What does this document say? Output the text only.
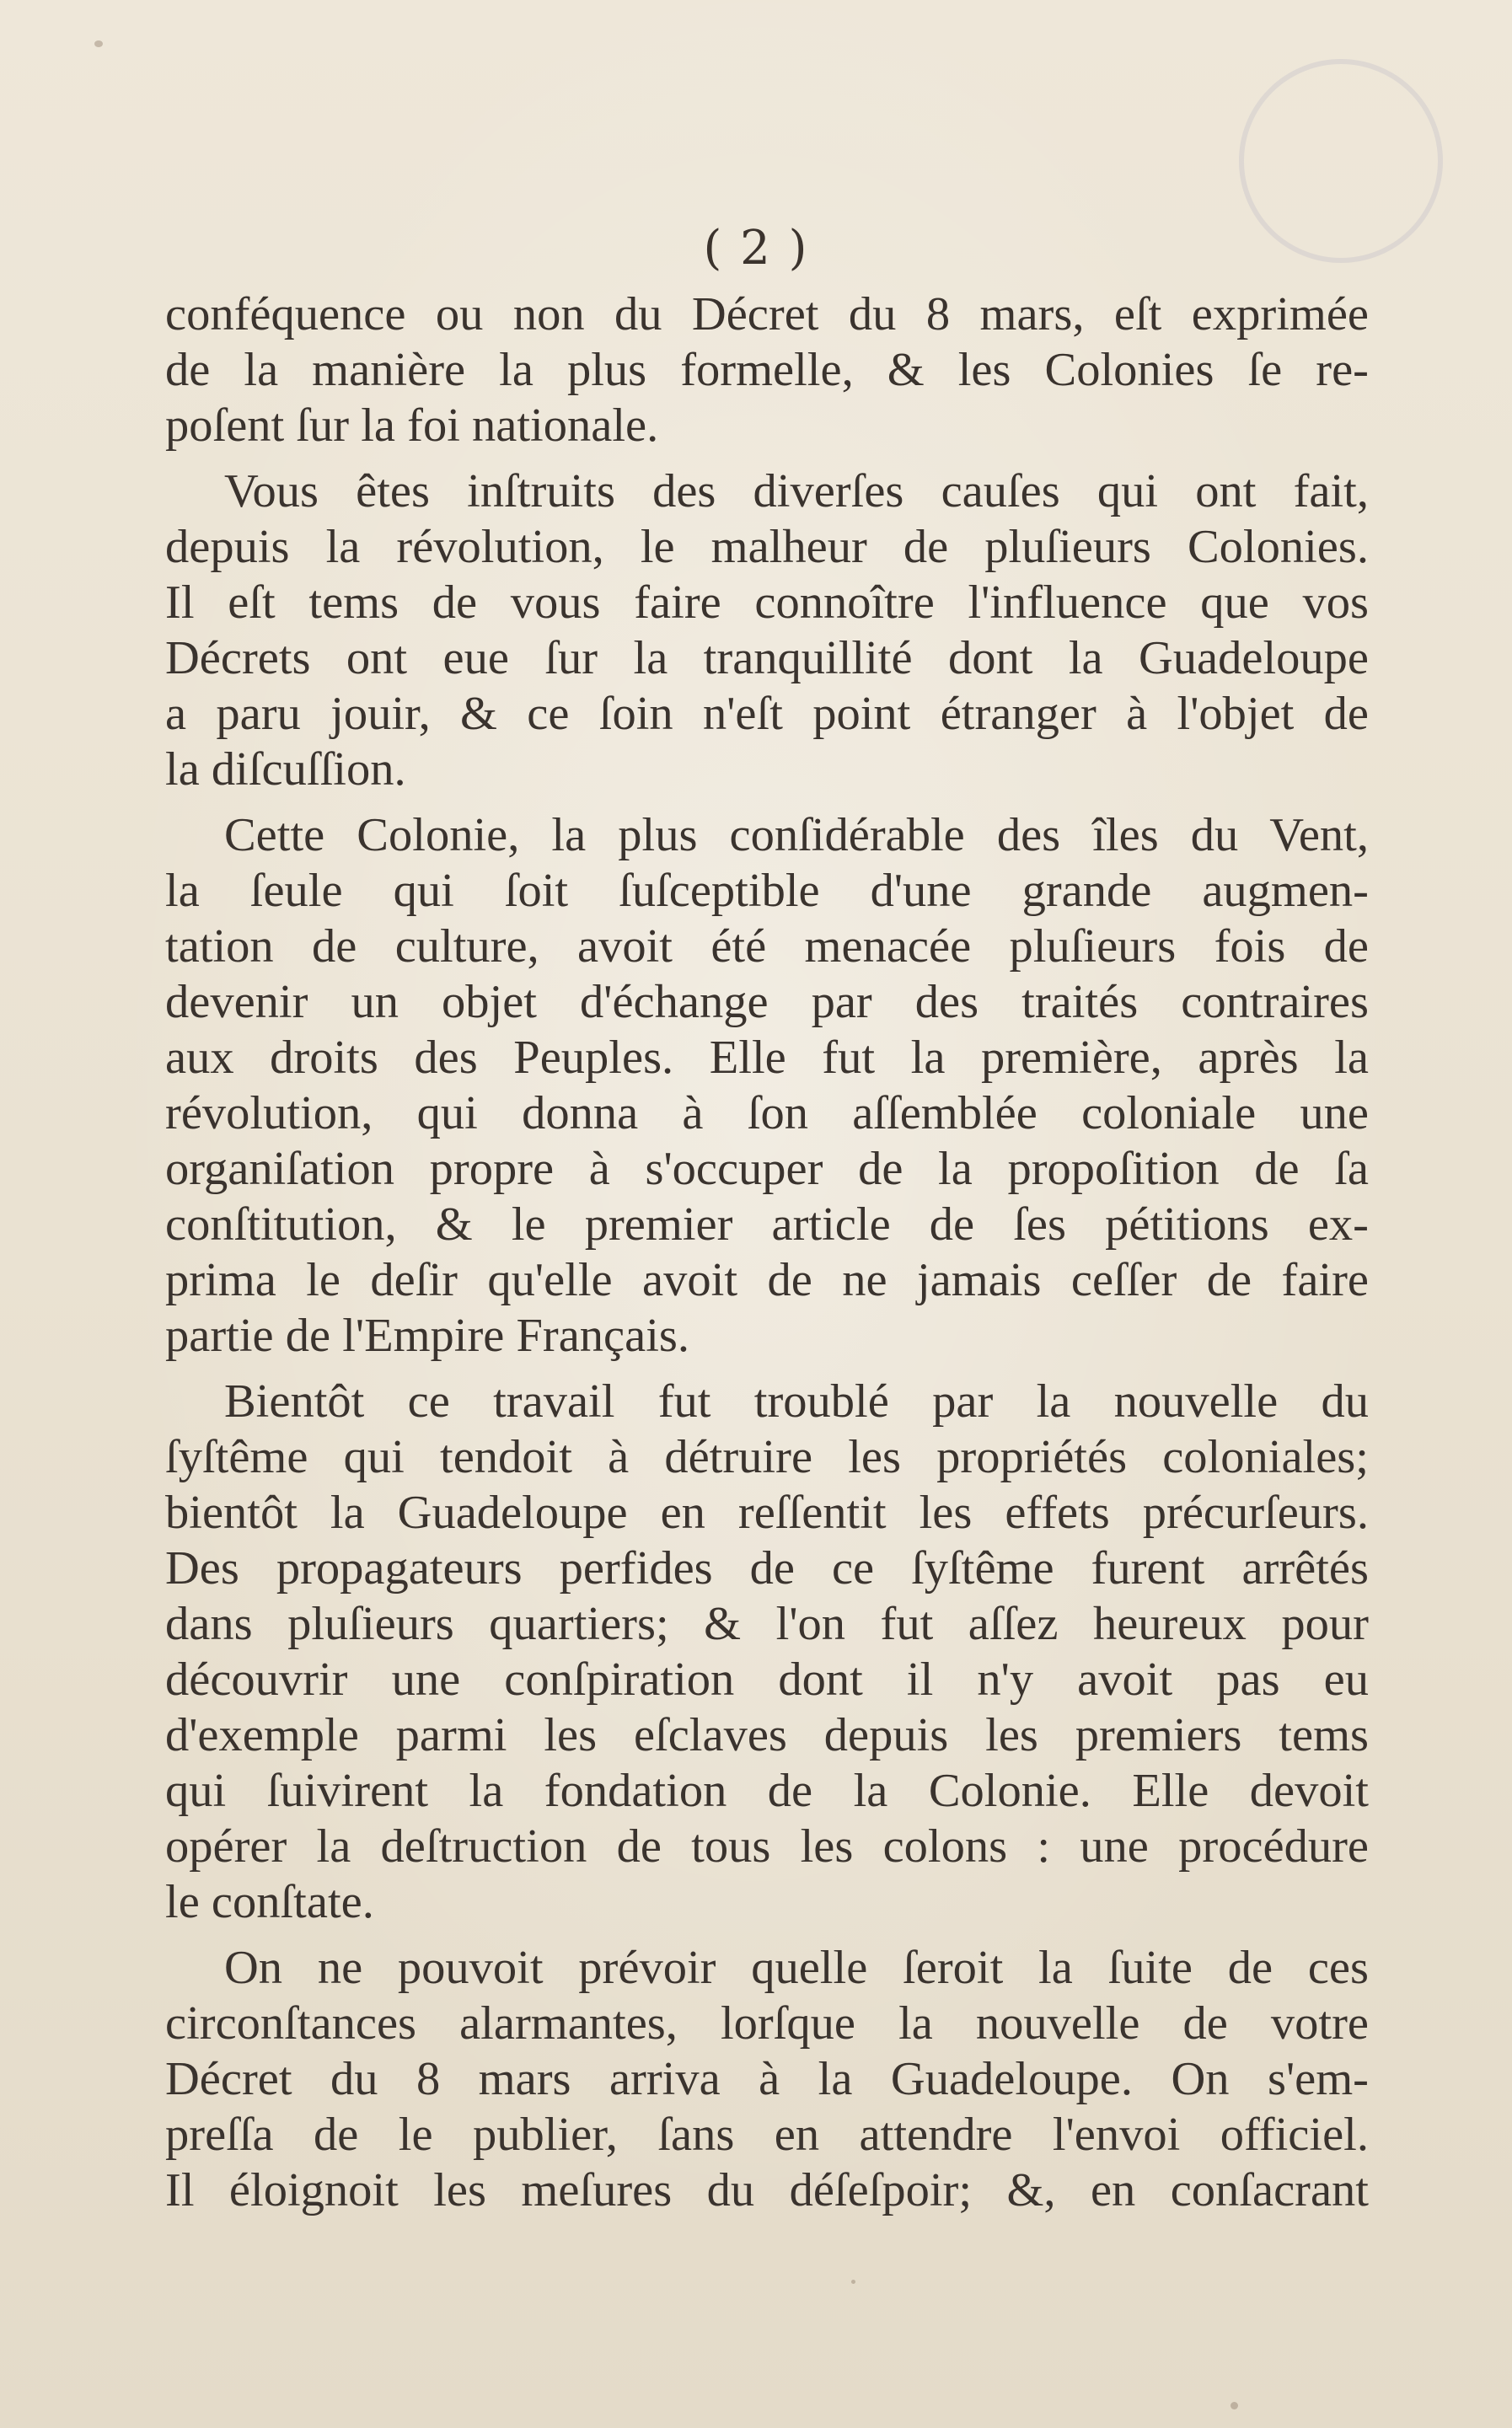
( 2 )
conféquence ou non du Décret du 8 mars, eſt exprimée
de la manière la plus formelle, & les Colonies ſe re-
poſent ſur la foi nationale.
Vous êtes inſtruits des diverſes cauſes qui ont fait,
depuis la révolution, le malheur de pluſieurs Colonies.
Il eſt tems de vous faire connoître l'influence que vos
Décrets ont eue ſur la tranquillité dont la Guadeloupe
a paru jouir, & ce ſoin n'eſt point étranger à l'objet de
la diſcuſſion.
Cette Colonie, la plus conſidérable des îles du Vent,
la ſeule qui ſoit ſuſceptible d'une grande augmen-
tation de culture, avoit été menacée pluſieurs fois de
devenir un objet d'échange par des traités contraires
aux droits des Peuples. Elle fut la première, après la
révolution, qui donna à ſon aſſemblée coloniale une
organiſation propre à s'occuper de la propoſition de ſa
conſtitution, & le premier article de ſes pétitions ex-
prima le deſir qu'elle avoit de ne jamais ceſſer de faire
partie de l'Empire Français.
Bientôt ce travail fut troublé par la nouvelle du
ſyſtême qui tendoit à détruire les propriétés coloniales;
bientôt la Guadeloupe en reſſentit les effets précurſeurs.
Des propagateurs perfides de ce ſyſtême furent arrêtés
dans pluſieurs quartiers; & l'on fut aſſez heureux pour
découvrir une conſpiration dont il n'y avoit pas eu
d'exemple parmi les eſclaves depuis les premiers tems
qui ſuivirent la fondation de la Colonie. Elle devoit
opérer la deſtruction de tous les colons : une procédure
le conſtate.
On ne pouvoit prévoir quelle ſeroit la ſuite de ces
circonſtances alarmantes, lorſque la nouvelle de votre
Décret du 8 mars arriva à la Guadeloupe. On s'em-
preſſa de le publier, ſans en attendre l'envoi officiel.
Il éloignoit les meſures du déſeſpoir; &, en conſacrant
